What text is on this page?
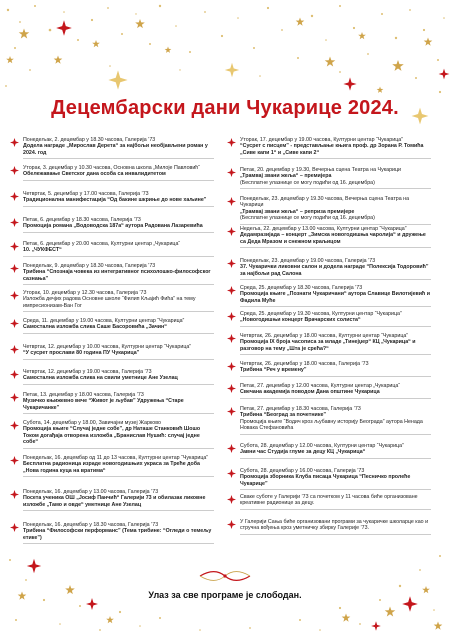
Децембарски дани Чукарице 2024.
Понедељак, 2. децембар у 18.30 часова, Галерија ’73
Додела награде „Мирослав Дерета“ за најбољи необјављени роман у 2024. год
Уторак, 3. децембар у 10.30 часова, Основна школа „Милоје Павловић“
Обележавање Светског дана особа са инвалидитетом
Четвртак, 5. децембар у 17.00 часова, Галерија ’73
Традиционална манифестација “Од бакине шкриње до нове хаљине”
Петак, 6. децембар у 18.30 часова, Галерија ’73
Промоција романа „Водоводска 187а“ аутора Радована Лазаревића
Петак, 6. децембар у 20.00 часова, Културни центар „Чукарица“
10. „ЧУКФЕСТ“
Понедељак, 9. децембар у 18.30 часова, Галерија ’73
Трибина “Спознаја човека из интегративног психолошко-философског сазнања”
Уторак, 10. децембар у 12.30 часова, Галерија ’73
Изложба дечјих радова Основне школе “Филип Кљајић Фића” на тему импресионизам-Ван Гог
Среда, 11. децембар у 19.00 часова, Културни центар “Чукарица”
Самостална изложба слика Саше Басоровића „Зачин“
Четвртак, 12. децембар у 10.00 часова, Културни центар “Чукарица”
“У сусрет прослави 80 година ПУ Чукарица”
Четвртак, 12. децембар у 19.00 часова, Галерија ’73
Самостална изложба слика на свили уметнице Ане Узелац
Петак, 13. децембар у 18.00 часова, Галерија ’73
Музичко књижевно вече “Живот је љубав” Удружења “Старе Чукаричанке”
Субота, 14. децембар у 18.00, Завичајни музеј Жарково
Промоција књиге “Случај једне собе”, др Наташе Станковић Шошо Током догађаја отворена изложба „Бранислав Нушић: случај једне собе“
Понедељак, 16. децембар од 11 до 13 часова, Културни центар “Чукарица”
Бесплатна радионица израде новогодишњих украса за Треће доба „Нова година куца на вратима“
Понедељак, 16. децембар у 13.00 часова, Галерија ’73
Посета ученика ОШ „Јосиф Панчић“ Галерији 73 и обилазак ликовне изложбе „Тамо и овде“ уметнице Ане Узелац
Понедељак, 16. децембар у 18.30 часова, Галерија ’73
Трибина “Философски перформанс” (Тема трибине: “Огледи о темељу етике”)
Уторак, 17. децембар у 19.00 часова, Културни центар “Чукарица”
“Сусрет с писцем” - представљање књига проф. др Зорана Р. Томића „Сиве капи 1“ и „Сиве капи 2“
Петак, 20. децембар у 19.30, Вечерња сцена Театра на Чукарици
„Трамвај звани жеља“ – премијера
(Бесплатне улазнице се могу подићи од 16. децембра)
Понедељак, 23. децембар у 19.30 часова, Вечерња сцена Театра на Чукарици
„Трамвај звани жеља“ – репризa премијере
(Бесплатне улазнице се могу подићи од 16. децембра)
Недеља, 22. децембар у 13.00 часова, Културни центар “Чукарица”
Дедамразијада – концерт „Зимска новогодишња чаролија“ и дружење са Деда Мразом и снежном краљицом
Понедељак, 23. децембар у 19.00 часова, Галерија ’73
37. Чукарички ликовни салон и додела награде “Полексија Тодоровић” за најбољи рад Салона
Среда, 25. децембар у 18.30 часова, Галерија ’73
Промоција књиге „Познати Чукаричани“ аутора Славице Вилотијевић и Фадила Муће
Среда, 25. децембар у 19.30 часова, Културни центар “Чукарица”
„Новогодишњи концерт Врачарских солиста“
Четвртак, 26. децембар у 18.00 часова, Културни центар “Чукарица”
Промоција IX броја часописа за младе „Тинејџер“ КЦ „Чукарица“ и разговор на тему „Шта је срећа?“
Четвртак, 26. децембар у 18.00 часова, Галерија ’73
Трибина “Реч у времену”
Петак, 27. децембар у 12.00 часова, Културни центар „Чукарица“
Свечана академија поводом Дана општине Чукарица
Петак, 27. децембар у 18.30 часова, Галерија ’73
Трибина “Београд за почетнике”
Промоција књиге “Водич кроз љубавну историју Београда” аутора Ненада Новака Стефановића
Субота, 28. децембар у 12.00 часова, Културни центар “Чукарица”
Јавни час Студија глуме за децу КЦ „Чукарица“
Субота, 28. децембар у 16.00 часова, Галерија ’73
Промоција зборника Клуба писаца Чукарица “Песничко пролеће Чукарице”
Сваке суботе у Галерији ’73 са почетком у 11 часова биће организоване креативне радионице за децу.
У Галерији Сања биће организовани програми за чукаричке школарце као и стручна вођења кроз уметничку збирку Галерије ’73.
Улаз за све програме је слободан.
